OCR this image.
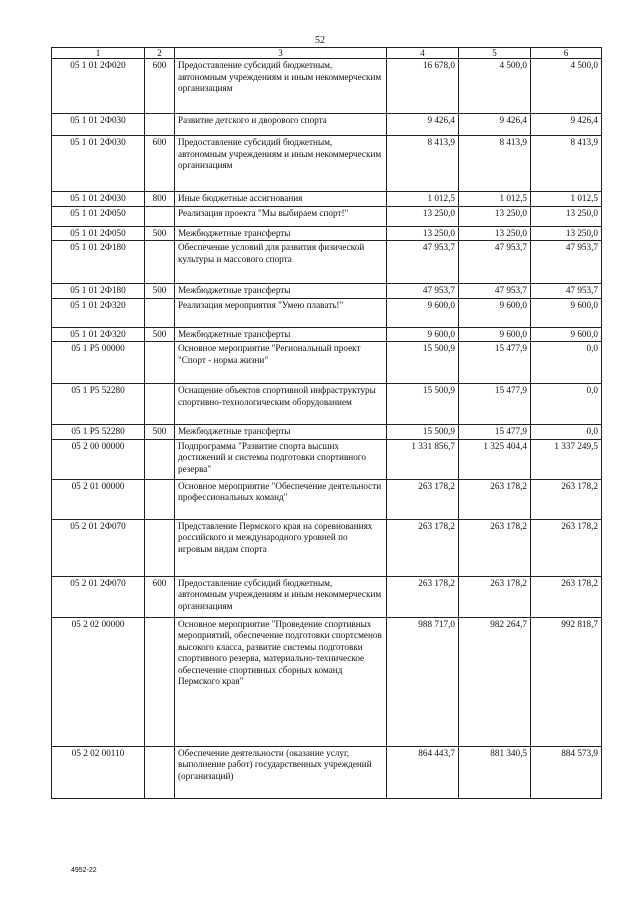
52
1	2	3	4	5	6
05 1 01 2Ф020	600	Предоставление субсидий бюджетным, автономным учреждениям и иным некоммерческим организациям	16 678,0	4 500,0	4 500,0
05 1 01 2Ф030		Развитие детского и дворового спорта	9 426,4	9 426,4	9 426,4
05 1 01 2Ф030	600	Предоставление субсидий бюджетным, автономным учреждениям и иным некоммерческим организациям	8 413,9	8 413,9	8 413,9
05 1 01 2Ф030	800	Иные бюджетные ассигнования	1 012,5	1 012,5	1 012,5
05 1 01 2Ф050		Реализация проекта "Мы выбираем спорт!"	13 250,0	13 250,0	13 250,0
05 1 01 2Ф050	500	Межбюджетные трансферты	13 250,0	13 250,0	13 250,0
05 1 01 2Ф180		Обеспечение условий для развития физической культуры и массового спорта	47 953,7	47 953,7	47 953,7
05 1 01 2Ф180	500	Межбюджетные трансферты	47 953,7	47 953,7	47 953,7
05 1 01 2Ф320		Реализация мероприятия "Умею плавать!"	9 600,0	9 600,0	9 600,0
05 1 01 2Ф320	500	Межбюджетные трансферты	9 600,0	9 600,0	9 600,0
05 1 P5 00000		Основное мероприятие "Региональный проект "Спорт - норма жизни"	15 500,9	15 477,9	0,0
05 1 P5 52280		Оснащение объектов спортивной инфраструктуры спортивно-технологическим оборудованием	15 500,9	15 477,9	0,0
05 1 P5 52280	500	Межбюджетные трансферты	15 500,9	15 477,9	0,0
05 2 00 00000		Подпрограмма "Развитие спорта высших достижений и системы подготовки спортивного резерва"	1 331 856,7	1 325 404,4	1 337 249,5
05 2 01 00000		Основное мероприятие "Обеспечение деятельности профессиональных команд"	263 178,2	263 178,2	263 178,2
05 2 01 2Ф070		Представление Пермского края на соревнованиях российского и международного уровней по игровым видам спорта	263 178,2	263 178,2	263 178,2
05 2 01 2Ф070	600	Предоставление субсидий бюджетным, автономным учреждениям и иным некоммерческим организациям	263 178,2	263 178,2	263 178,2
05 2 02 00000		Основное мероприятие "Проведение спортивных мероприятий, обеспечение подготовки спортсменов высокого класса, развитие системы подготовки спортивного резерва, материально-техническое обеспечение спортивных сборных команд Пермского края"	988 717,0	982 264,7	992 818,7
05 2 02 00110		Обеспечение деятельности (оказание услуг, выполнение работ) государственных учреждений (организаций)	864 443,7	881 340,5	884 573,9
4952-22
